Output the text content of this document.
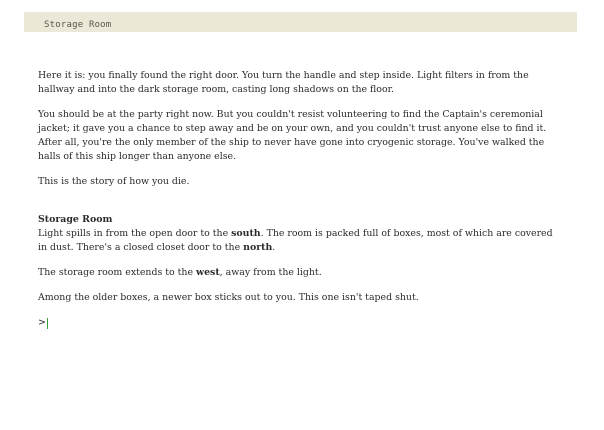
Storage Room

Here it is: you finally found the right door. You turn the handle and step inside. Light filters in from the hallway and into the dark storage room, casting long shadows on the floor.

You should be at the party right now. But you couldn't resist volunteering to find the Captain's ceremonial jacket; it gave you a chance to step away and be on your own, and you couldn't trust anyone else to find it. After all, you're the only member of the ship to never have gone into cryogenic storage. You've walked the halls of this ship longer than anyone else.

This is the story of how you die.

Storage Room
Light spills in from the open door to the south. The room is packed full of boxes, most of which are covered in dust. There's a closed closet door to the north.

The storage room extends to the west, away from the light.

Among the older boxes, a newer box sticks out to you. This one isn't taped shut.

>
